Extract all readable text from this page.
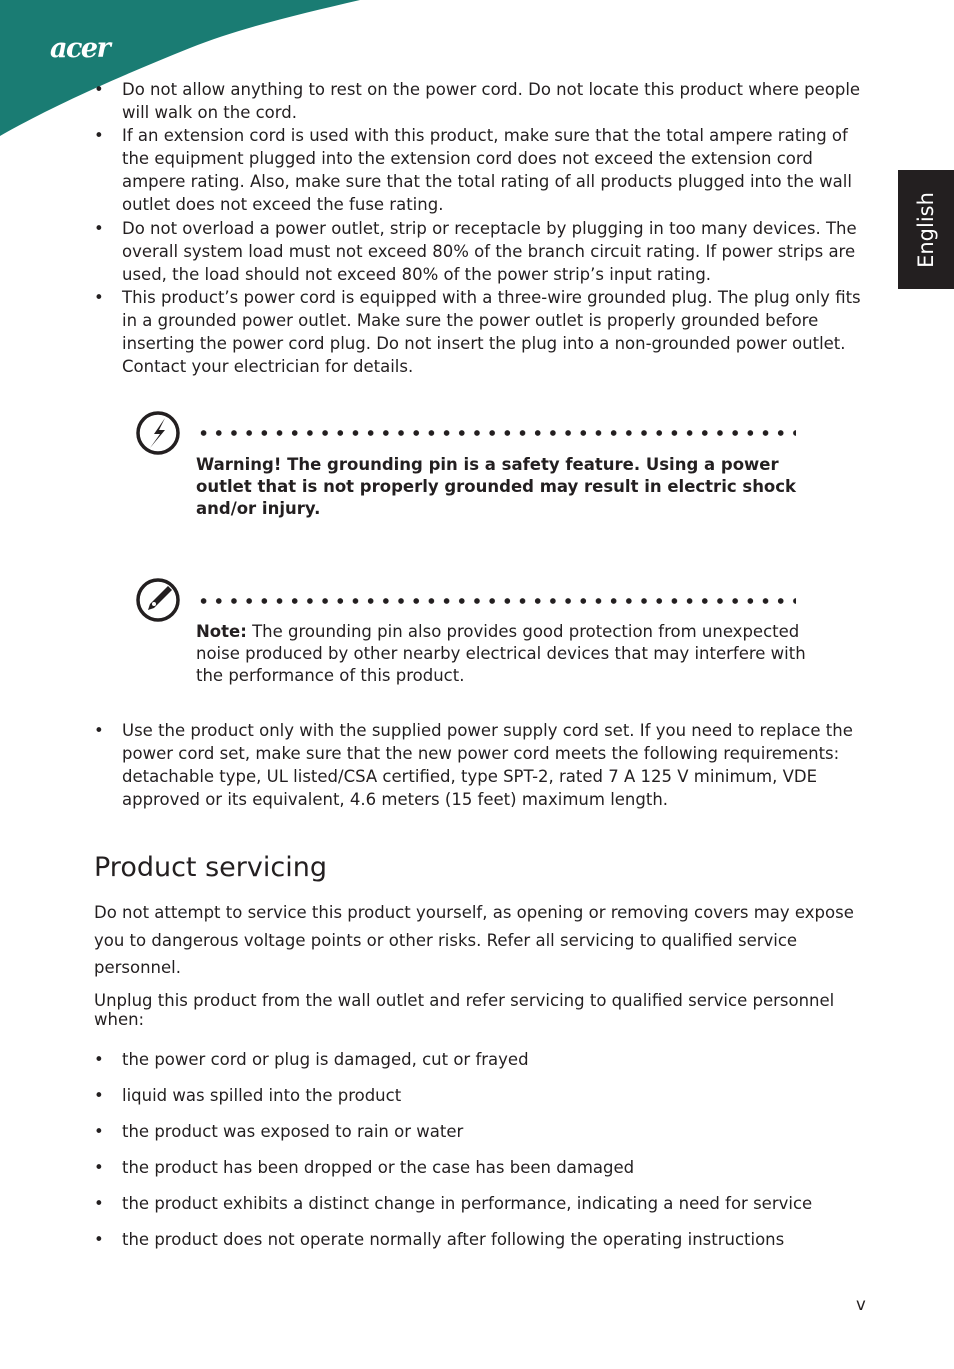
acer
English
• Do not allow anything to rest on the power cord. Do not locate this product where people will walk on the cord.
• If an extension cord is used with this product, make sure that the total ampere rating of the equipment plugged into the extension cord does not exceed the extension cord ampere rating. Also, make sure that the total rating of all products plugged into the wall outlet does not exceed the fuse rating.
• Do not overload a power outlet, strip or receptacle by plugging in too many devices. The overall system load must not exceed 80% of the branch circuit rating. If power strips are used, the load should not exceed 80% of the power strip’s input rating.
• This product’s power cord is equipped with a three-wire grounded plug. The plug only fits in a grounded power outlet. Make sure the power outlet is properly grounded before inserting the power cord plug. Do not insert the plug into a non-grounded power outlet. Contact your electrician for details.
Warning! The grounding pin is a safety feature. Using a power outlet that is not properly grounded may result in electric shock and/or injury.
Note: The grounding pin also provides good protection from unexpected noise produced by other nearby electrical devices that may interfere with the performance of this product.
• Use the product only with the supplied power supply cord set. If you need to replace the power cord set, make sure that the new power cord meets the following requirements: detachable type, UL listed/CSA certified, type SPT-2, rated 7 A 125 V minimum, VDE approved or its equivalent, 4.6 meters (15 feet) maximum length.
Product servicing

Do not attempt to service this product yourself, as opening or removing covers may expose you to dangerous voltage points or other risks. Refer all servicing to qualified service personnel.

Unplug this product from the wall outlet and refer servicing to qualified service personnel when:

• the power cord or plug is damaged, cut or frayed
• liquid was spilled into the product
• the product was exposed to rain or water
• the product has been dropped or the case has been damaged
• the product exhibits a distinct change in performance, indicating a need for service
• the product does not operate normally after following the operating instructions
v
